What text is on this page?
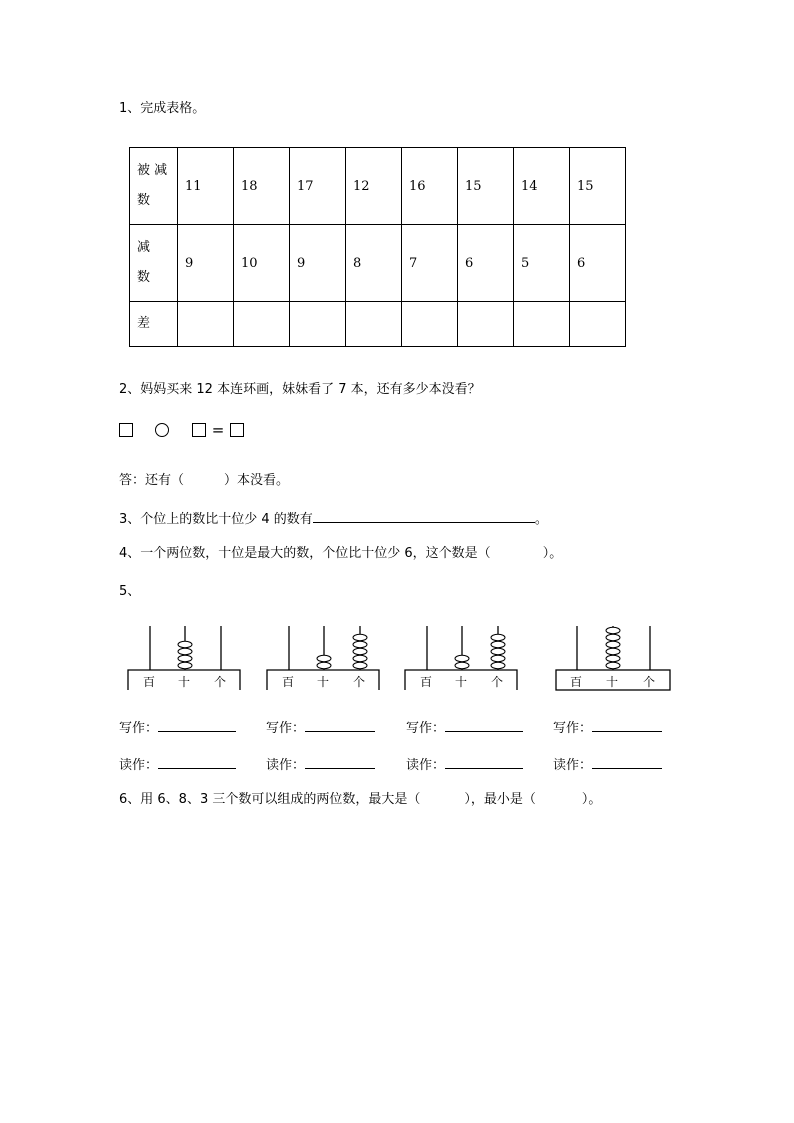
1、完成表格。
被 减
数	11	18	17	12	16	15	14	15

减
数	9	10	9	8	7	6	5	6
差								
2、妈妈买来 12 本连环画，妹妹看了 7 本，还有多少本没看？
=
答：还有（	）本没看。
3、个位上的数比十位少 4 的数有	。
4、一个两位数，十位是最大的数，个位比十位少 6，这个数是（	）。
5、
百 十 个	百 十 个	百 十 个	百 十 个
写作：	写作：	写作：	写作：
读作：	读作：	读作：	读作：
6、用 6、8、3 三个数可以组成的两位数，最大是（	），最小是（	）。
